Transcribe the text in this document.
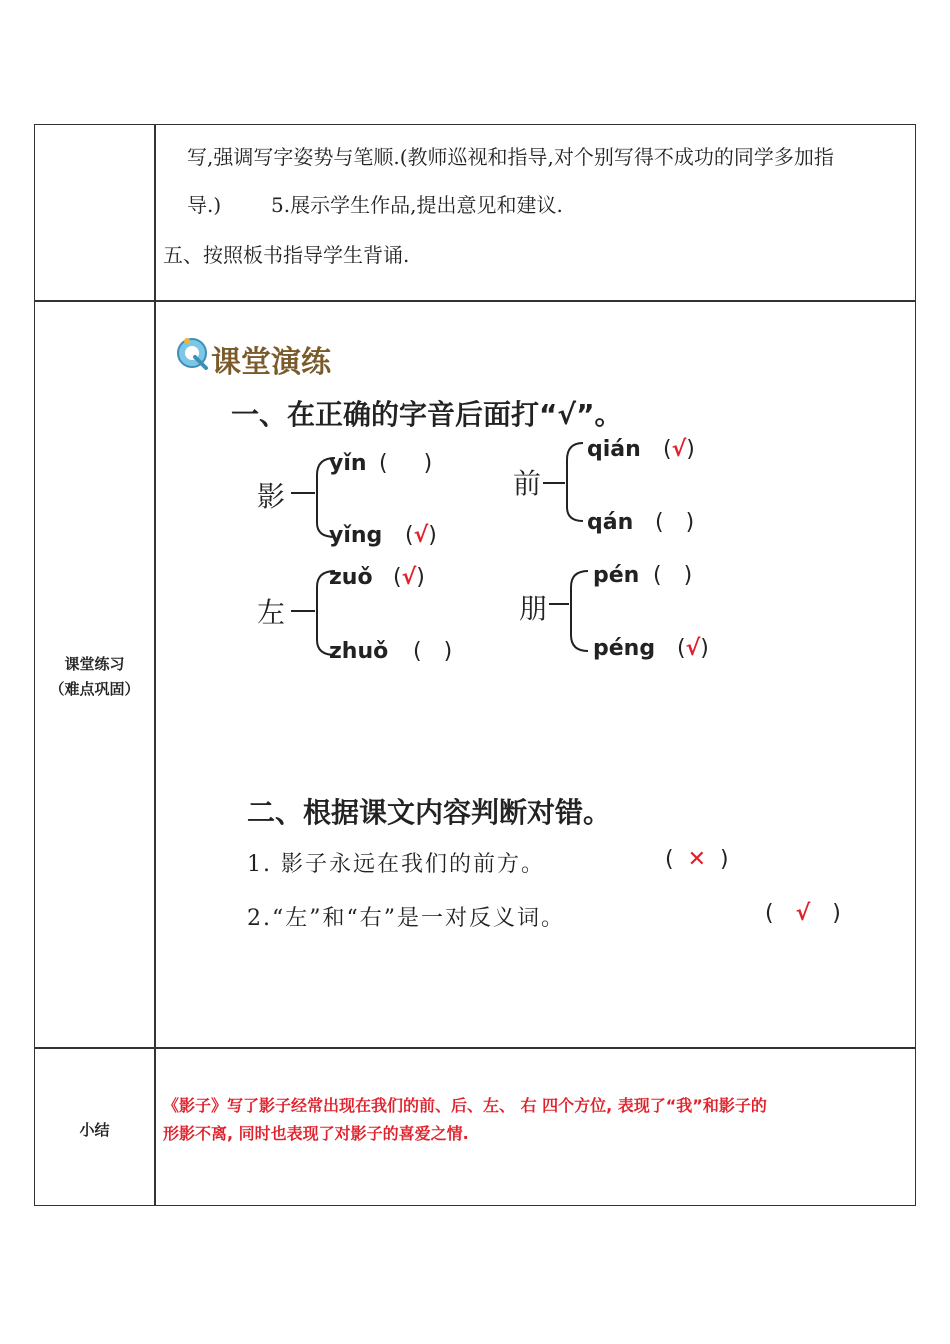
写,强调写字姿势与笔顺.(教师巡视和指导,对个别写得不成功的同学多加指
导.) 5.展示学生作品,提出意见和建议.
五、按照板书指导学生背诵.
课堂练习
（难点巩固）
课堂演练
一、在正确的字音后面打“√”。
影
yǐn ( )
yǐng (√)
前
qián (√)
qán ( )
左
zuǒ (√)
zhuǒ ( )
朋
pén ( )
péng (√)
二、根据课文内容判断对错。
1. 影子永远在我们的前方。	( ✕ )
2.“左”和“右”是一对反义词。	( √ )
小结
《影子》写了影子经常出现在我们的前、后、左、 右 四个方位, 表现了“我”和影子的
形影不离, 同时也表现了对影子的喜爱之情.
